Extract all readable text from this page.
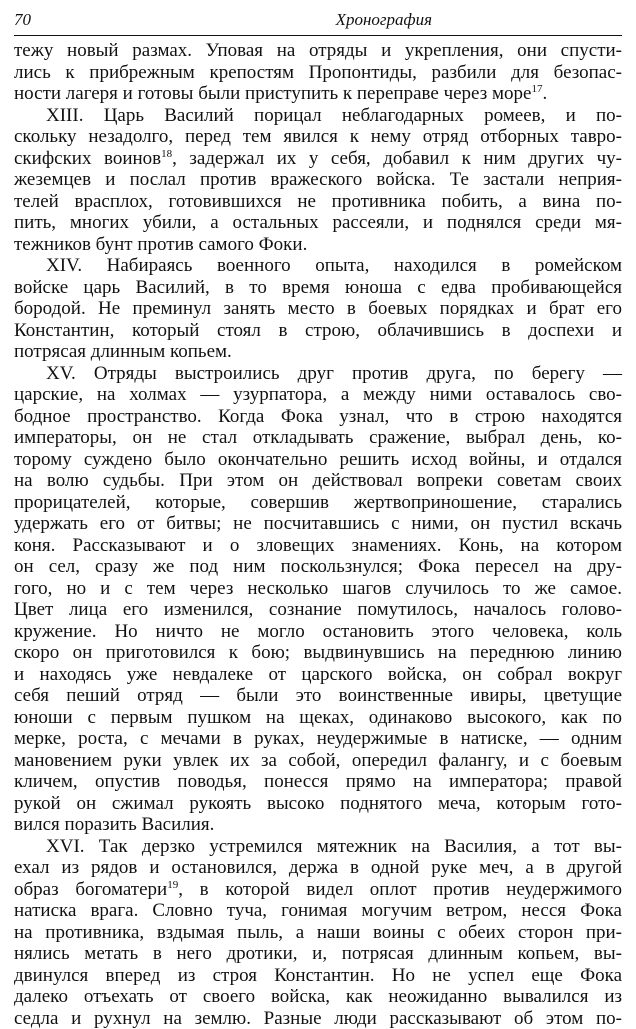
70	Хронография
тежу новый размах. Уповая на отряды и укрепления, они спусти-
лись к прибрежным крепостям Пропонтиды, разбили для безопас-
ности лагеря и готовы были приступить к переправе через море$^{17}$.
XIII. Царь Василий порицал неблагодарных ромеев, и по-
скольку незадолго, перед тем явился к нему отряд отборных тавро-
скифских воинов$^{18}$, задержал их у себя, добавил к ним других чу-
жеземцев и послал против вражеского войска. Те застали неприя-
телей врасплох, готовившихся не противника побить, а вина по-
пить, многих убили, а остальных рассеяли, и поднялся среди мя-
тежников бунт против самого Фоки.
XIV. Набираясь военного опыта, находился в ромейском
войске царь Василий, в то время юноша с едва пробивающейся
бородой. Не преминул занять место в боевых порядках и брат его
Константин, который стоял в строю, облачившись в доспехи и
потрясая длинным копьем.
XV. Отряды выстроились друг против друга, по берегу —
царские, на холмах — узурпатора, а между ними оставалось сво-
бодное пространство. Когда Фока узнал, что в строю находятся
императоры, он не стал откладывать сражение, выбрал день, ко-
торому суждено было окончательно решить исход войны, и отдался
на волю судьбы. При этом он действовал вопреки советам своих
прорицателей, которые, совершив жертвоприношение, старались
удержать его от битвы; не посчитавшись с ними, он пустил вскачь
коня. Рассказывают и о зловещих знамениях. Конь, на котором
он сел, сразу же под ним поскользнулся; Фока пересел на дру-
гого, но и с тем через несколько шагов случилось то же самое.
Цвет лица его изменился, сознание помутилось, началось голово-
кружение. Но ничто не могло остановить этого человека, коль
скоро он приготовился к бою; выдвинувшись на переднюю линию
и находясь уже невдалеке от царского войска, он собрал вокруг
себя пеший отряд — были это воинственные ивиры, цветущие
юноши с первым пушком на щеках, одинаково высокого, как по
мерке, роста, с мечами в руках, неудержимые в натиске, — одним
мановением руки увлек их за собой, опередил фалангу, и с боевым
кличем, опустив поводья, понесся прямо на императора; правой
рукой он сжимал рукоять высоко поднятого меча, которым гото-
вился поразить Василия.
XVI. Так дерзко устремился мятежник на Василия, а тот вы-
ехал из рядов и остановился, держа в одной руке меч, а в другой
образ богоматери$^{19}$, в которой видел оплот против неудержимого
натиска врага. Словно туча, гонимая могучим ветром, несся Фока
на противника, вздымая пыль, а наши воины с обеих сторон при-
нялись метать в него дротики, и, потрясая длинным копьем, вы-
двинулся вперед из строя Константин. Но не успел еще Фока
далеко отъехать от своего войска, как неожиданно вывалился из
седла и рухнул на землю. Разные люди рассказывают об этом по-
